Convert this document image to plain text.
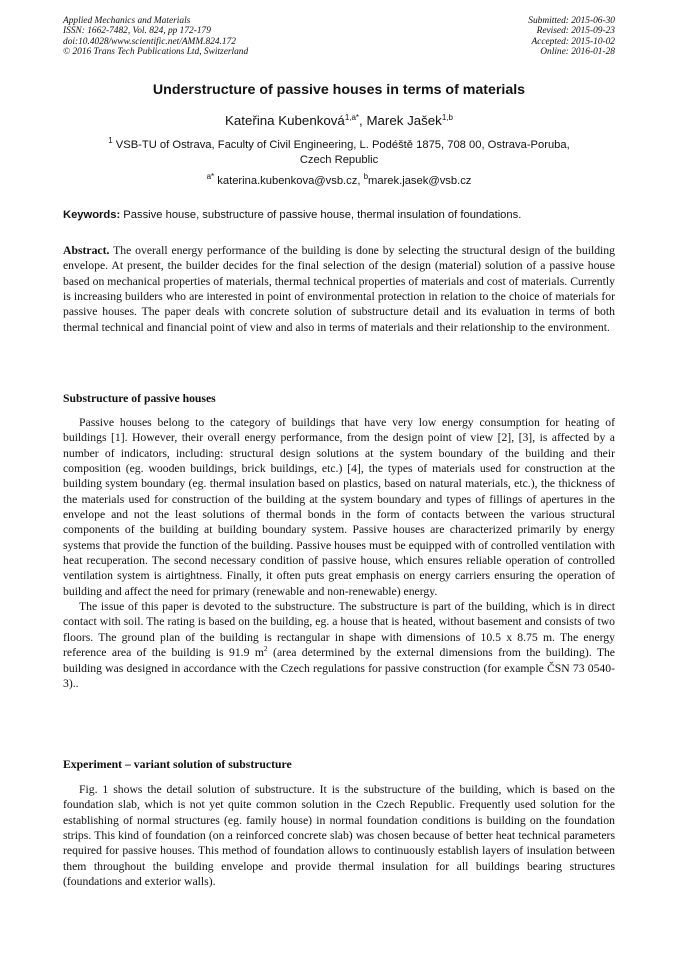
Applied Mechanics and Materials
ISSN: 1662-7482, Vol. 824, pp 172-179
doi:10.4028/www.scientific.net/AMM.824.172
© 2016 Trans Tech Publications Ltd, Switzerland
Submitted: 2015-06-30
Revised: 2015-09-23
Accepted: 2015-10-02
Online: 2016-01-28
Understructure of passive houses in terms of materials
Kateřina Kubenková$^{1,a*}$, Marek Jašek$^{1,b}$
$^1$ VSB-TU of Ostrava, Faculty of Civil Engineering, L. Podéště 1875, 708 00, Ostrava-Poruba,
Czech Republic
$^{a*}$ katerina.kubenkova@vsb.cz, $^b$marek.jasek@vsb.cz
Keywords: Passive house, substructure of passive house, thermal insulation of foundations.

Abstract. The overall energy performance of the building is done by selecting the structural design of the building envelope. At present, the builder decides for the final selection of the design (material) solution of a passive house based on mechanical properties of materials, thermal technical properties of materials and cost of materials. Currently is increasing builders who are interested in point of environmental protection in relation to the choice of materials for passive houses. The paper deals with concrete solution of substructure detail and its evaluation in terms of both thermal technical and financial point of view and also in terms of materials and their relationship to the environment.

Substructure of passive houses

Passive houses belong to the category of buildings that have very low energy consumption for heating of buildings [1]. However, their overall energy performance, from the design point of view [2], [3], is affected by a number of indicators, including: structural design solutions at the system boundary of the building and their composition (eg. wooden buildings, brick buildings, etc.) [4], the types of materials used for construction at the building system boundary (eg. thermal insulation based on plastics, based on natural materials, etc.), the thickness of the materials used for construction of the building at the system boundary and types of fillings of apertures in the envelope and not the least solutions of thermal bonds in the form of contacts between the various structural components of the building at building boundary system. Passive houses are characterized primarily by energy systems that provide the function of the building. Passive houses must be equipped with of controlled ventilation with heat recuperation. The second necessary condition of passive house, which ensures reliable operation of controlled ventilation system is airtightness. Finally, it often puts great emphasis on energy carriers ensuring the operation of building and affect the need for primary (renewable and non-renewable) energy.

The issue of this paper is devoted to the substructure. The substructure is part of the building, which is in direct contact with soil. The rating is based on the building, eg. a house that is heated, without basement and consists of two floors. The ground plan of the building is rectangular in shape with dimensions of 10.5 x 8.75 m. The energy reference area of the building is 91.9 $m^2$ (area determined by the external dimensions from the building). The building was designed in accordance with the Czech regulations for passive construction (for example ČSN 73 0540-3)..

Experiment – variant solution of substructure

Fig. 1 shows the detail solution of substructure. It is the substructure of the building, which is based on the foundation slab, which is not yet quite common solution in the Czech Republic. Frequently used solution for the establishing of normal structures (eg. family house) in normal foundation conditions is building on the foundation strips. This kind of foundation (on a reinforced concrete slab) was chosen because of better heat technical parameters required for passive houses. This method of foundation allows to continuously establish layers of insulation between them throughout the building envelope and provide thermal insulation for all buildings bearing structures (foundations and exterior walls).
